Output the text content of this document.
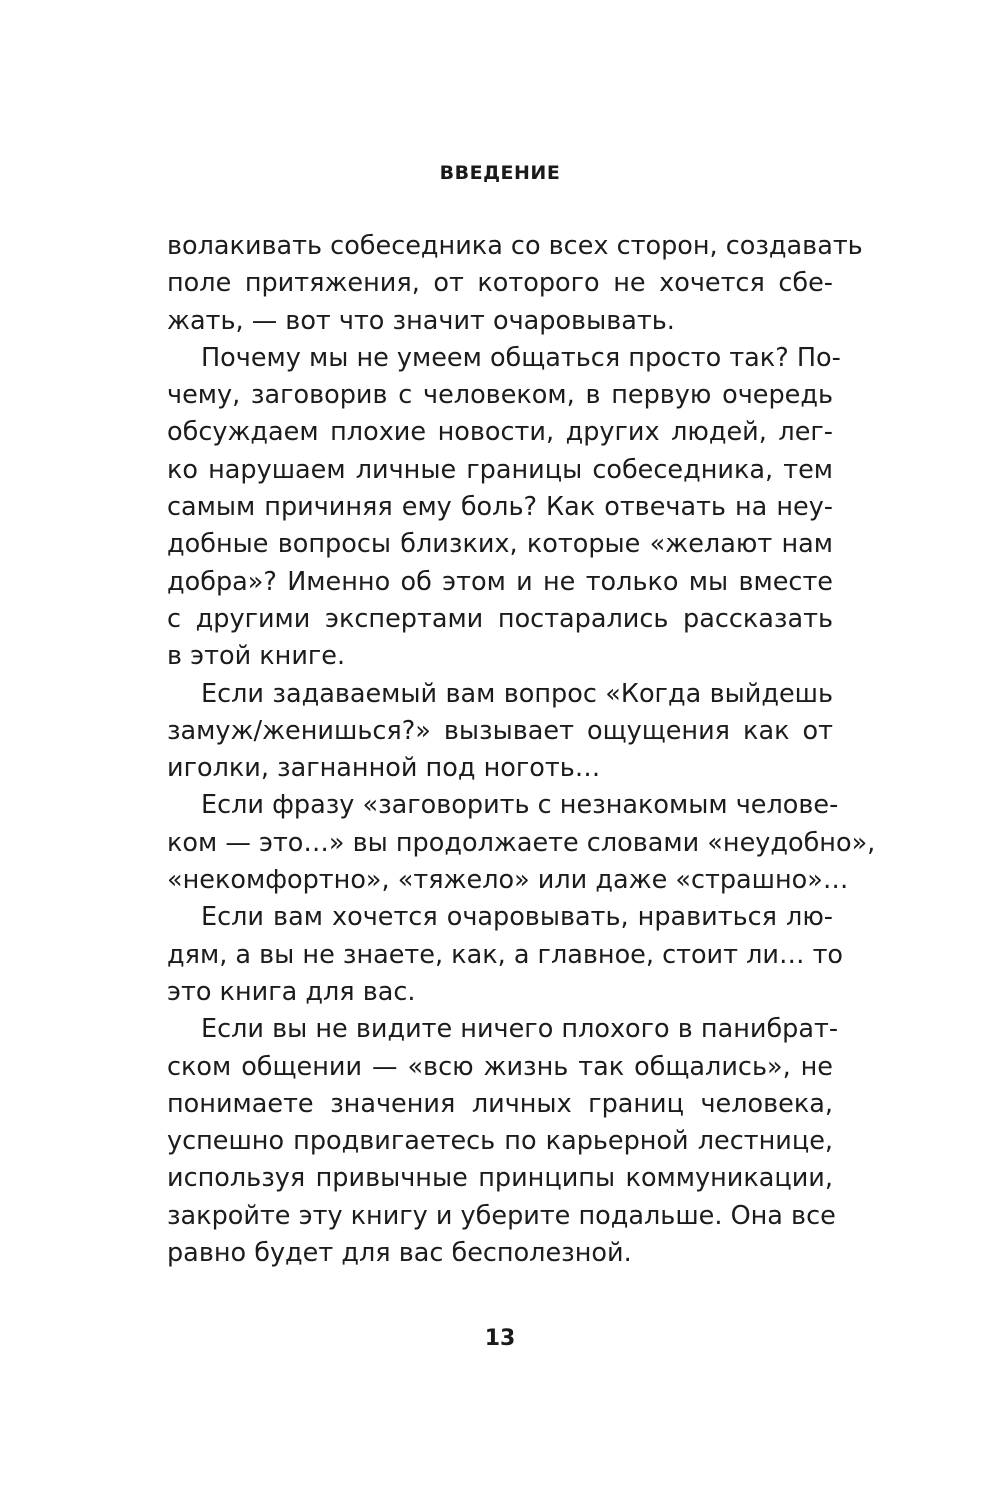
ВВЕДЕНИЕ
волакивать собеседника со всех сторон, создавать
поле притяжения, от которого не хочется сбе-
жать, — вот что значит очаровывать.
Почему мы не умеем общаться просто так? По-
чему, заговорив с человеком, в первую очередь
обсуждаем плохие новости, других людей, лег-
ко нарушаем личные границы собеседника, тем
самым причиняя ему боль? Как отвечать на неу-
добные вопросы близких, которые «желают нам
добра»? Именно об этом и не только мы вместе
с другими экспертами постарались рассказать
в этой книге.
Если задаваемый вам вопрос «Когда выйдешь
замуж/женишься?» вызывает ощущения как от
иголки, загнанной под ноготь…
Если фразу «заговорить с незнакомым челове-
ком — это…» вы продолжаете словами «неудобно»,
«некомфортно», «тяжело» или даже «страшно»…
Если вам хочется очаровывать, нравиться лю-
дям, а вы не знаете, как, а главное, стоит ли… то
это книга для вас.
Если вы не видите ничего плохого в панибрат-
ском общении — «всю жизнь так общались», не
понимаете значения личных границ человека,
успешно продвигаетесь по карьерной лестнице,
используя привычные принципы коммуникации,
закройте эту книгу и уберите подальше. Она все
равно будет для вас бесполезной.
13
